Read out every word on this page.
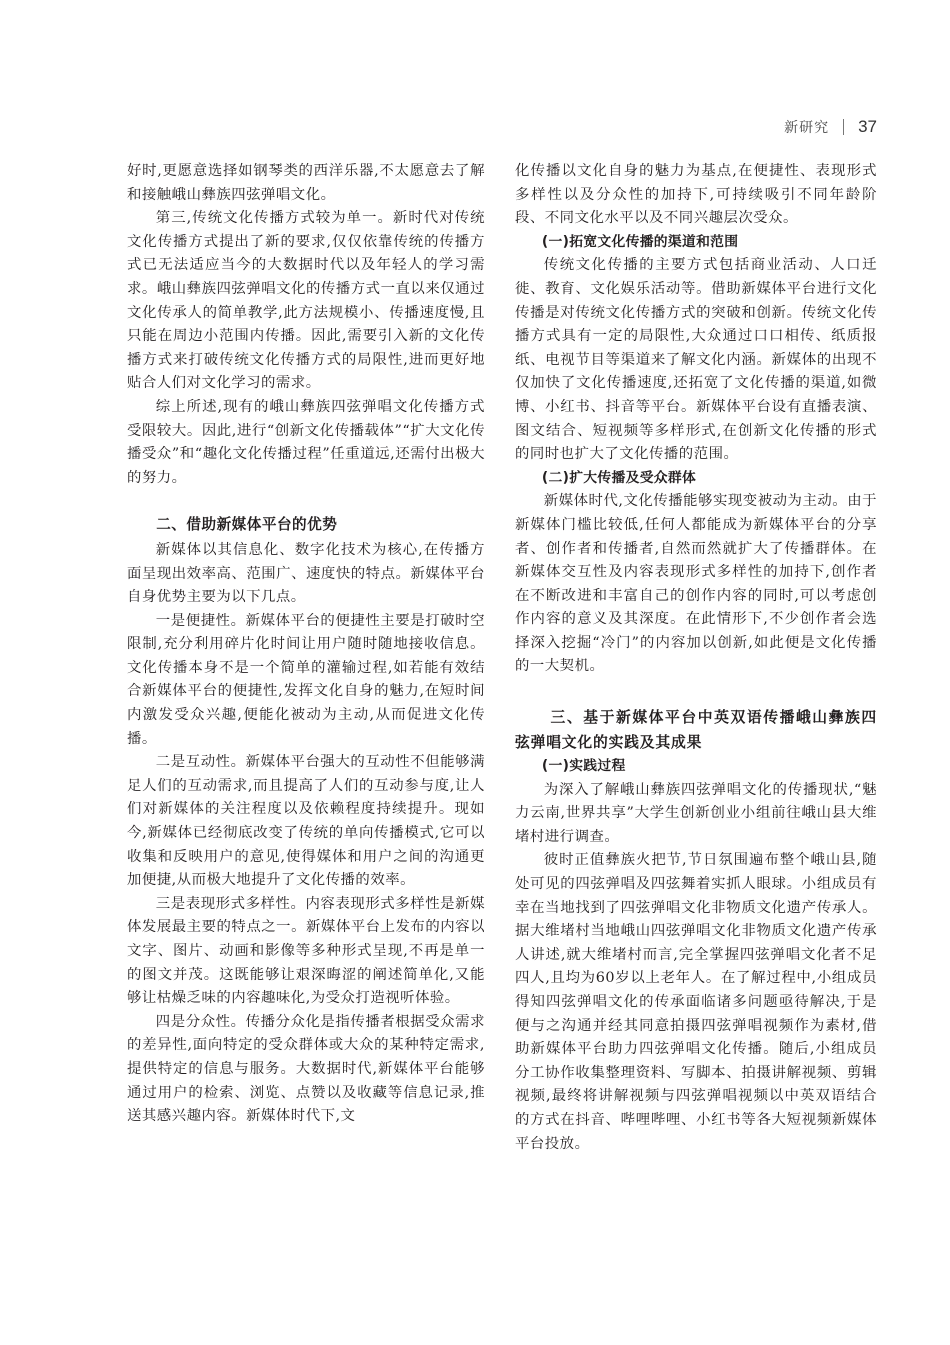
新研究 37

好时,更愿意选择如钢琴类的西洋乐器,不太愿意去了解和接触峨山彝族四弦弹唱文化。

第三,传统文化传播方式较为单一。新时代对传统文化传播方式提出了新的要求,仅仅依靠传统的传播方式已无法适应当今的大数据时代以及年轻人的学习需求。峨山彝族四弦弹唱文化的传播方式一直以来仅通过文化传承人的简单教学,此方法规模小、传播速度慢,且只能在周边小范围内传播。因此,需要引入新的文化传播方式来打破传统文化传播方式的局限性,进而更好地贴合人们对文化学习的需求。

综上所述,现有的峨山彝族四弦弹唱文化传播方式受限较大。因此,进行“创新文化传播载体”“扩大文化传播受众”和“趣化文化传播过程”任重道远,还需付出极大的努力。

二、借助新媒体平台的优势

新媒体以其信息化、数字化技术为核心,在传播方面呈现出效率高、范围广、速度快的特点。新媒体平台自身优势主要为以下几点。

一是便捷性。新媒体平台的便捷性主要是打破时空限制,充分利用碎片化时间让用户随时随地接收信息。文化传播本身不是一个简单的灌输过程,如若能有效结合新媒体平台的便捷性,发挥文化自身的魅力,在短时间内激发受众兴趣,便能化被动为主动,从而促进文化传播。

二是互动性。新媒体平台强大的互动性不但能够满足人们的互动需求,而且提高了人们的互动参与度,让人们对新媒体的关注程度以及依赖程度持续提升。现如今,新媒体已经彻底改变了传统的单向传播模式,它可以收集和反映用户的意见,使得媒体和用户之间的沟通更加便捷,从而极大地提升了文化传播的效率。

三是表现形式多样性。内容表现形式多样性是新媒体发展最主要的特点之一。新媒体平台上发布的内容以文字、图片、动画和影像等多种形式呈现,不再是单一的图文并茂。这既能够让艰深晦涩的阐述简单化,又能够让枯燥乏味的内容趣味化,为受众打造视听体验。

四是分众性。传播分众化是指传播者根据受众需求的差异性,面向特定的受众群体或大众的某种特定需求,提供特定的信息与服务。大数据时代,新媒体平台能够通过用户的检索、浏览、点赞以及收藏等信息记录,推送其感兴趣内容。新媒体时代下,文

化传播以文化自身的魅力为基点,在便捷性、表现形式多样性以及分众性的加持下,可持续吸引不同年龄阶段、不同文化水平以及不同兴趣层次受众。

(一)拓宽文化传播的渠道和范围

传统文化传播的主要方式包括商业活动、人口迁徙、教育、文化娱乐活动等。借助新媒体平台进行文化传播是对传统文化传播方式的突破和创新。传统文化传播方式具有一定的局限性,大众通过口口相传、纸质报纸、电视节目等渠道来了解文化内涵。新媒体的出现不仅加快了文化传播速度,还拓宽了文化传播的渠道,如微博、小红书、抖音等平台。新媒体平台设有直播表演、图文结合、短视频等多样形式,在创新文化传播的形式的同时也扩大了文化传播的范围。

(二)扩大传播及受众群体

新媒体时代,文化传播能够实现变被动为主动。由于新媒体门槛比较低,任何人都能成为新媒体平台的分享者、创作者和传播者,自然而然就扩大了传播群体。在新媒体交互性及内容表现形式多样性的加持下,创作者在不断改进和丰富自己的创作内容的同时,可以考虑创作内容的意义及其深度。在此情形下,不少创作者会选择深入挖掘“冷门”的内容加以创新,如此便是文化传播的一大契机。

三、基于新媒体平台中英双语传播峨山彝族四弦弹唱文化的实践及其成果

(一)实践过程

为深入了解峨山彝族四弦弹唱文化的传播现状,“魅力云南,世界共享”大学生创新创业小组前往峨山县大维堵村进行调查。

彼时正值彝族火把节,节日氛围遍布整个峨山县,随处可见的四弦弹唱及四弦舞着实抓人眼球。小组成员有幸在当地找到了四弦弹唱文化非物质文化遗产传承人。据大维堵村当地峨山四弦弹唱文化非物质文化遗产传承人讲述,就大维堵村而言,完全掌握四弦弹唱文化者不足四人,且均为60岁以上老年人。在了解过程中,小组成员得知四弦弹唱文化的传承面临诸多问题亟待解决,于是便与之沟通并经其同意拍摄四弦弹唱视频作为素材,借助新媒体平台助力四弦弹唱文化传播。随后,小组成员分工协作收集整理资料、写脚本、拍摄讲解视频、剪辑视频,最终将讲解视频与四弦弹唱视频以中英双语结合的方式在抖音、哔哩哔哩、小红书等各大短视频新媒体平台投放。
